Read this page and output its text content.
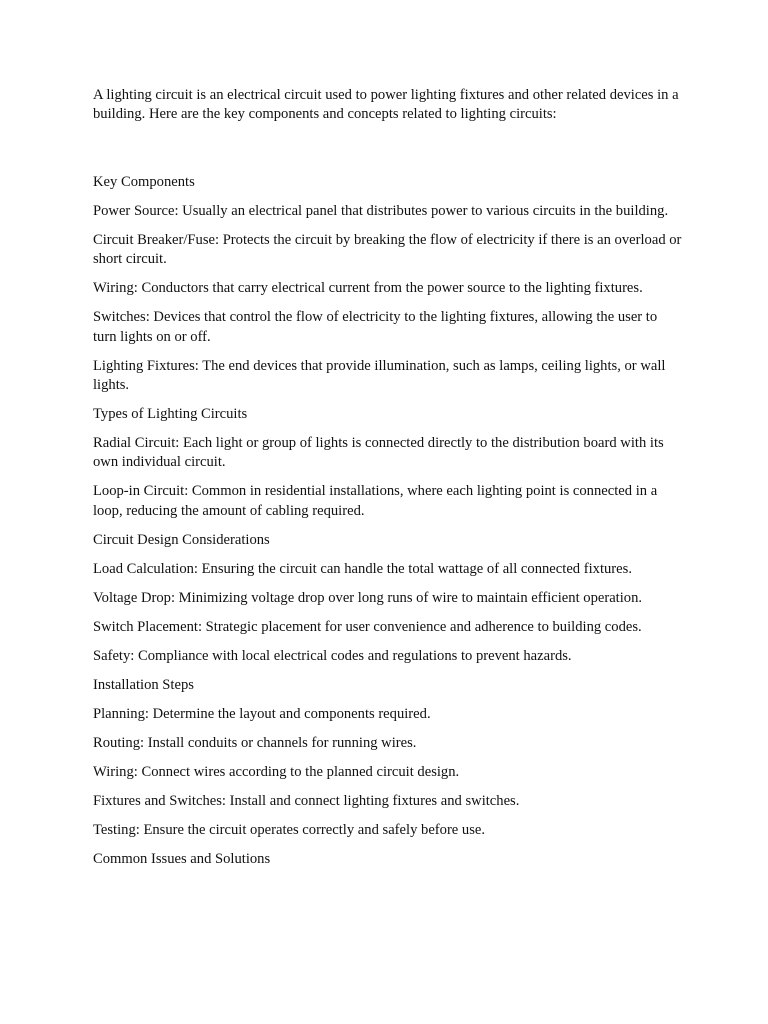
A lighting circuit is an electrical circuit used to power lighting fixtures and other related devices in a building. Here are the key components and concepts related to lighting circuits:

Key Components

Power Source: Usually an electrical panel that distributes power to various circuits in the building.

Circuit Breaker/Fuse: Protects the circuit by breaking the flow of electricity if there is an overload or short circuit.

Wiring: Conductors that carry electrical current from the power source to the lighting fixtures.

Switches: Devices that control the flow of electricity to the lighting fixtures, allowing the user to turn lights on or off.

Lighting Fixtures: The end devices that provide illumination, such as lamps, ceiling lights, or wall lights.

Types of Lighting Circuits

Radial Circuit: Each light or group of lights is connected directly to the distribution board with its own individual circuit.

Loop-in Circuit: Common in residential installations, where each lighting point is connected in a loop, reducing the amount of cabling required.

Circuit Design Considerations

Load Calculation: Ensuring the circuit can handle the total wattage of all connected fixtures.

Voltage Drop: Minimizing voltage drop over long runs of wire to maintain efficient operation.

Switch Placement: Strategic placement for user convenience and adherence to building codes.

Safety: Compliance with local electrical codes and regulations to prevent hazards.

Installation Steps

Planning: Determine the layout and components required.

Routing: Install conduits or channels for running wires.

Wiring: Connect wires according to the planned circuit design.

Fixtures and Switches: Install and connect lighting fixtures and switches.

Testing: Ensure the circuit operates correctly and safely before use.

Common Issues and Solutions
